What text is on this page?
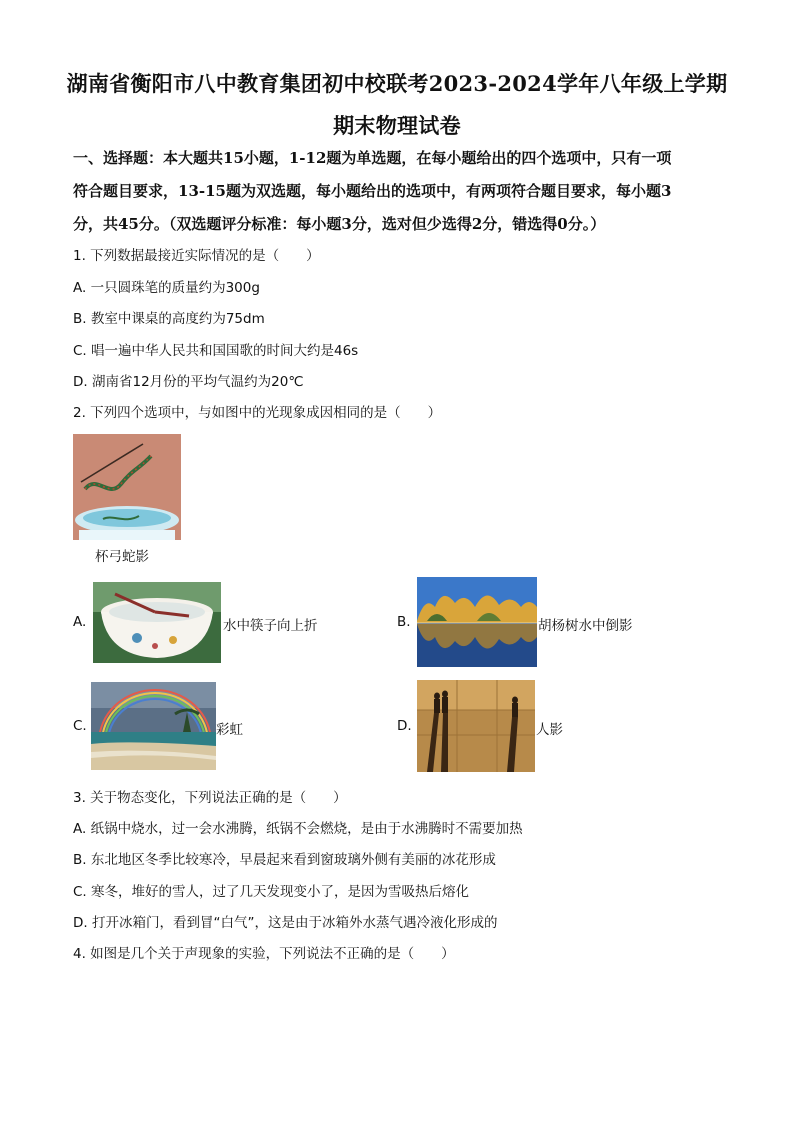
湖南省衡阳市八中教育集团初中校联考2023-2024学年八年级上学期
期末物理试卷
一、选择题：本大题共15小题，1-12题为单选题，在每小题给出的四个选项中，只有一项
符合题目要求，13-15题为双选题，每小题给出的选项中，有两项符合题目要求，每小题3
分，共45分。（双选题评分标准：每小题3分，选对但少选得2分，错选得0分。）
1. 下列数据最接近实际情况的是（　　）
A. 一只圆珠笔的质量约为300g
B. 教室中课桌的高度约为75dm
C. 唱一遍中华人民共和国国歌的时间大约是46s
D. 湖南省12月份的平均气温约为20℃
2. 下列四个选项中，与如图中的光现象成因相同的是（　　）
杯弓蛇影
A.	水中筷子向上折	B.	胡杨树水中倒影
C.	彩虹	D.	人影
3. 关于物态变化，下列说法正确的是（　　）
A. 纸锅中烧水，过一会水沸腾，纸锅不会燃烧，是由于水沸腾时不需要加热
B. 东北地区冬季比较寒冷，早晨起来看到窗玻璃外侧有美丽的冰花形成
C. 寒冬，堆好的雪人，过了几天发现变小了，是因为雪吸热后熔化
D. 打开冰箱门，看到冒“白气”，这是由于冰箱外水蒸气遇冷液化形成的
4. 如图是几个关于声现象的实验，下列说法不正确的是（　　）
